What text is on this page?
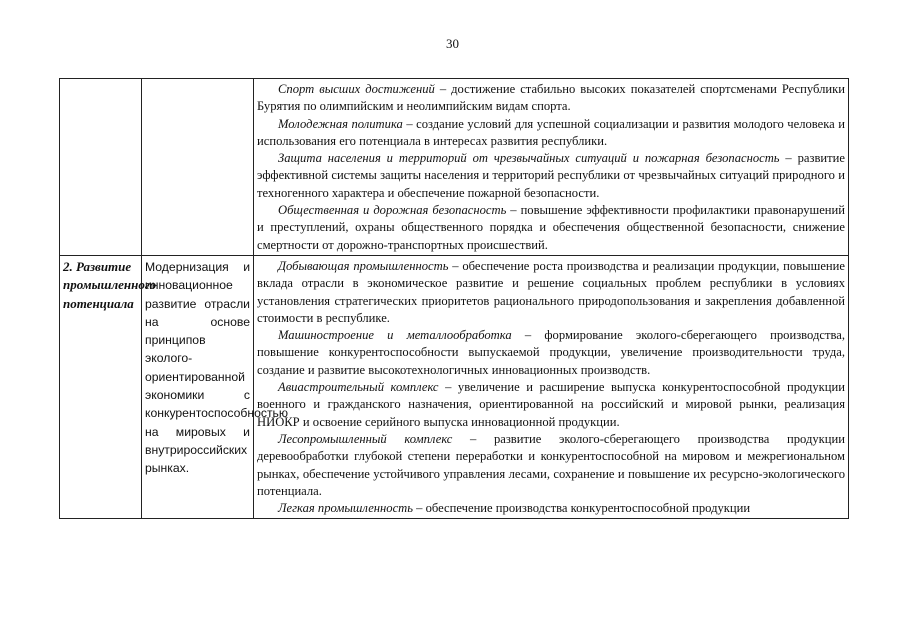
30

		Спорт высших достижений – достижение стабильно высоких показателей спортсменами Республики Бурятия по олимпийским и неолимпийским видам спорта.

Молодежная политика – создание условий для успешной социализации и развития молодого человека и использования его потенциала в интересах развития республики.

Защита населения и территорий от чрезвычайных ситуаций и пожарная безопасность – развитие эффективной системы защиты населения и территорий республики от чрезвычайных ситуаций природного и техногенного характера и обеспечение пожарной безопасности.

Общественная и дорожная безопасность – повышение эффективности профилактики правонарушений и преступлений, охраны общественного порядка и обеспечения общественной безопасности, снижение смертности от дорожно-транспортных происшествий.

2. Развитие промышленного потенциала	Модернизация и инновационное развитие отрасли на основе принципов эколого-ориентированной экономики с конкурентоспособностью на мировых и внутрироссийских рынках.	Добывающая промышленность – обеспечение роста производства и реализации продукции, повышение вклада отрасли в экономическое развитие и решение социальных проблем республики в условиях установления стратегических приоритетов рационального природопользования и закрепления добавленной стоимости в республике.

Машиностроение и металлообработка – формирование эколого-сберегающего производства, повышение конкурентоспособности выпускаемой продукции, увеличение производительности труда, создание и развитие высокотехнологичных инновационных производств.

Авиастроительный комплекс – увеличение и расширение выпуска конкурентоспособной продукции военного и гражданского назначения, ориентированной на российский и мировой рынки, реализация НИОКР и освоение серийного выпуска инновационной продукции.

Лесопромышленный комплекс – развитие эколого-сберегающего производства продукции деревообработки глубокой степени переработки и конкурентоспособной на мировом и межрегиональном рынках, обеспечение устойчивого управления лесами, сохранение и повышение их ресурсно-экологического потенциала.

Легкая промышленность – обеспечение производства конкурентоспособной продукции
